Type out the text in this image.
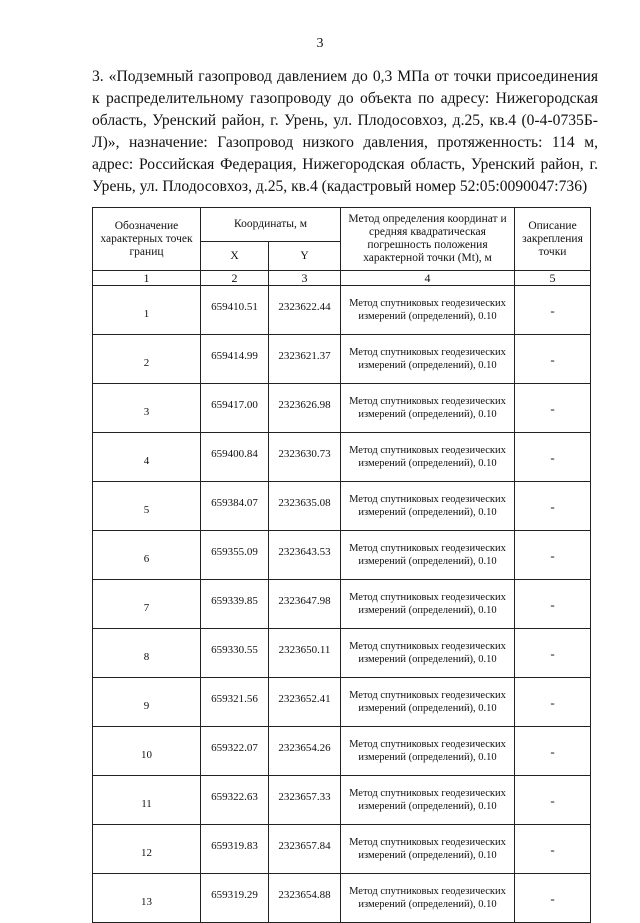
3

3. «Подземный газопровод давлением до 0,3 МПа от точки присоединения к распределительному газопроводу до объекта по адресу: Нижегородская область, Уренский район, г. Урень, ул. Плодосовхоз, д.25, кв.4 (0-4-0735Б-Л)», назначение: Газопровод низкого давления, протяженность: 114 м, адрес: Российская Федерация, Нижегородская область, Уренский район, г. Урень, ул. Плодосовхоз, д.25, кв.4 (кадастровый номер 52:05:0090047:736)

Обозначение характерных точек границ	Координаты, м		Метод определения координат и средняя квадратическая погрешность положения характерной точки (Mt), м	Описание закрепления точки
	X	Y		
1	2	3	4	5
1	659410.51	2323622.44	Метод спутниковых геодезических измерений (определений), 0.10	-
2	659414.99	2323621.37	Метод спутниковых геодезических измерений (определений), 0.10	-
3	659417.00	2323626.98	Метод спутниковых геодезических измерений (определений), 0.10	-
4	659400.84	2323630.73	Метод спутниковых геодезических измерений (определений), 0.10	-
5	659384.07	2323635.08	Метод спутниковых геодезических измерений (определений), 0.10	-
6	659355.09	2323643.53	Метод спутниковых геодезических измерений (определений), 0.10	-
7	659339.85	2323647.98	Метод спутниковых геодезических измерений (определений), 0.10	-
8	659330.55	2323650.11	Метод спутниковых геодезических измерений (определений), 0.10	-
9	659321.56	2323652.41	Метод спутниковых геодезических измерений (определений), 0.10	-
10	659322.07	2323654.26	Метод спутниковых геодезических измерений (определений), 0.10	-
11	659322.63	2323657.33	Метод спутниковых геодезических измерений (определений), 0.10	-
12	659319.83	2323657.84	Метод спутниковых геодезических измерений (определений), 0.10	-
13	659319.29	2323654.88	Метод спутниковых геодезических измерений (определений), 0.10	-
